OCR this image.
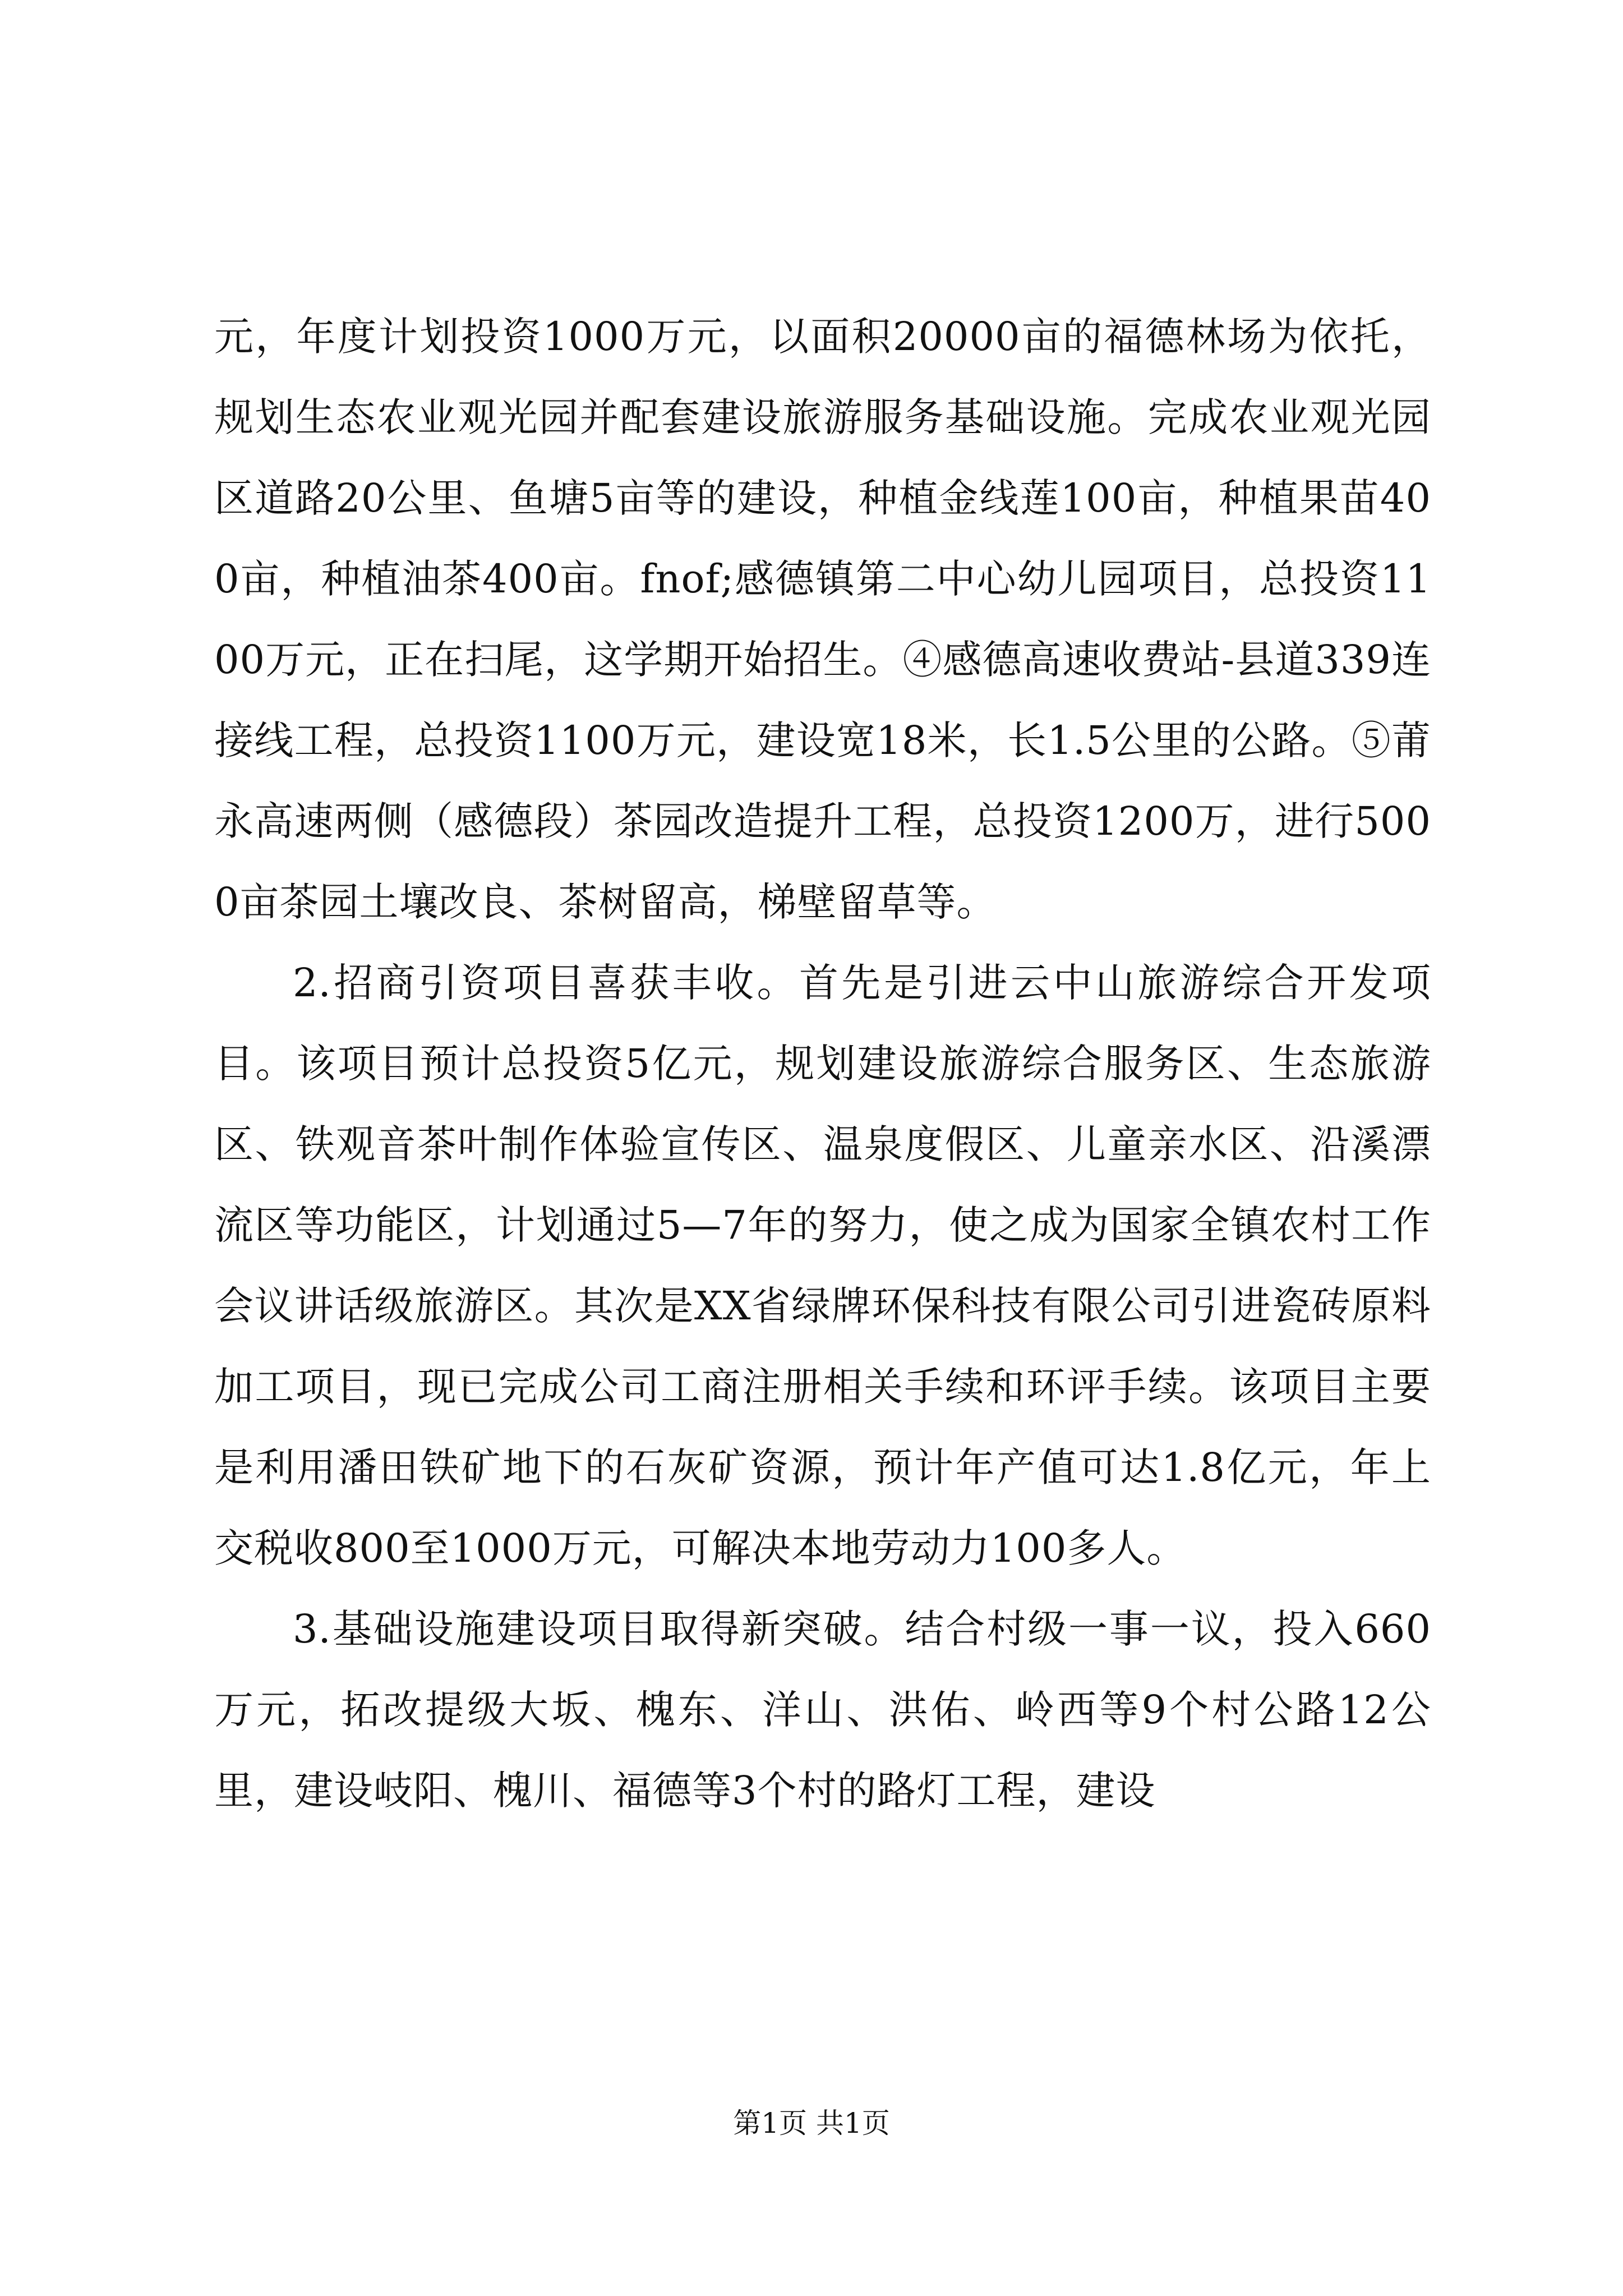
元，年度计划投资1000万元，以面积20000亩的福德林场为依托，规划生态农业观光园并配套建设旅游服务基础设施。完成农业观光园区道路20公里、鱼塘5亩等的建设，种植金线莲100亩，种植果苗400亩，种植油茶400亩。fnof;感德镇第二中心幼儿园项目，总投资1100万元，正在扫尾，这学期开始招生。④感德高速收费站-县道339连接线工程，总投资1100万元，建设宽18米，长1.5公里的公路。⑤莆永高速两侧（感德段）茶园改造提升工程，总投资1200万，进行5000亩茶园土壤改良、茶树留高，梯壁留草等。

2.招商引资项目喜获丰收。首先是引进云中山旅游综合开发项目。该项目预计总投资5亿元，规划建设旅游综合服务区、生态旅游区、铁观音茶叶制作体验宣传区、温泉度假区、儿童亲水区、沿溪漂流区等功能区，计划通过5—7年的努力，使之成为国家全镇农村工作会议讲话级旅游区。其次是XX省绿牌环保科技有限公司引进瓷砖原料加工项目，现已完成公司工商注册相关手续和环评手续。该项目主要是利用潘田铁矿地下的石灰矿资源，预计年产值可达1.8亿元，年上交税收800至1000万元，可解决本地劳动力100多人。

3.基础设施建设项目取得新突破。结合村级一事一议，投入660万元，拓改提级大坂、槐东、洋山、洪佑、岭西等9个村公路12公里，建设岐阳、槐川、福德等3个村的路灯工程，建设

第1页 共1页
